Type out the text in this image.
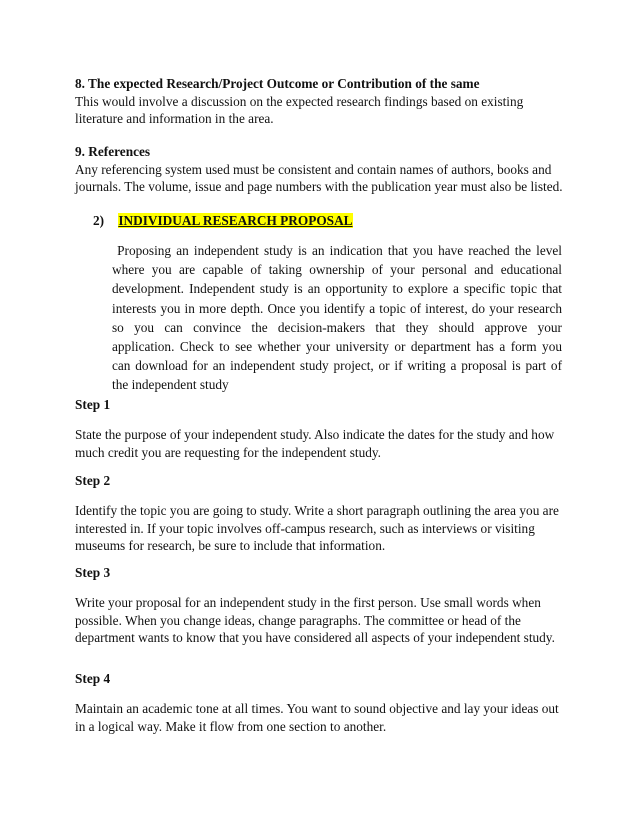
8. The expected Research/Project Outcome or Contribution of the same

This would involve a discussion on the expected research findings based on existing literature and information in the area.

9. References

Any referencing system used must be consistent and contain names of authors, books and journals. The volume, issue and page numbers with the publication year must also be listed.

2) INDIVIDUAL RESEARCH PROPOSAL
Proposing an independent study is an indication that you have reached the level
where you are capable of taking ownership of your personal and educational
development. Independent study is an opportunity to explore a specific topic that
interests you in more depth. Once you identify a topic of interest, do your research
so you can convince the decision-makers that they should approve your
application. Check to see whether your university or department has a form you
can download for an independent study project, or if writing a proposal is part of
the independent study

Step 1

State the purpose of your independent study. Also indicate the dates for the study and how much credit you are requesting for the independent study.

Step 2

Identify the topic you are going to study. Write a short paragraph outlining the area you are interested in. If your topic involves off-campus research, such as interviews or visiting museums for research, be sure to include that information.

Step 3

Write your proposal for an independent study in the first person. Use small words when possible. When you change ideas, change paragraphs. The committee or head of the department wants to know that you have considered all aspects of your independent study.

Step 4

Maintain an academic tone at all times. You want to sound objective and lay your ideas out in a logical way. Make it flow from one section to another.
